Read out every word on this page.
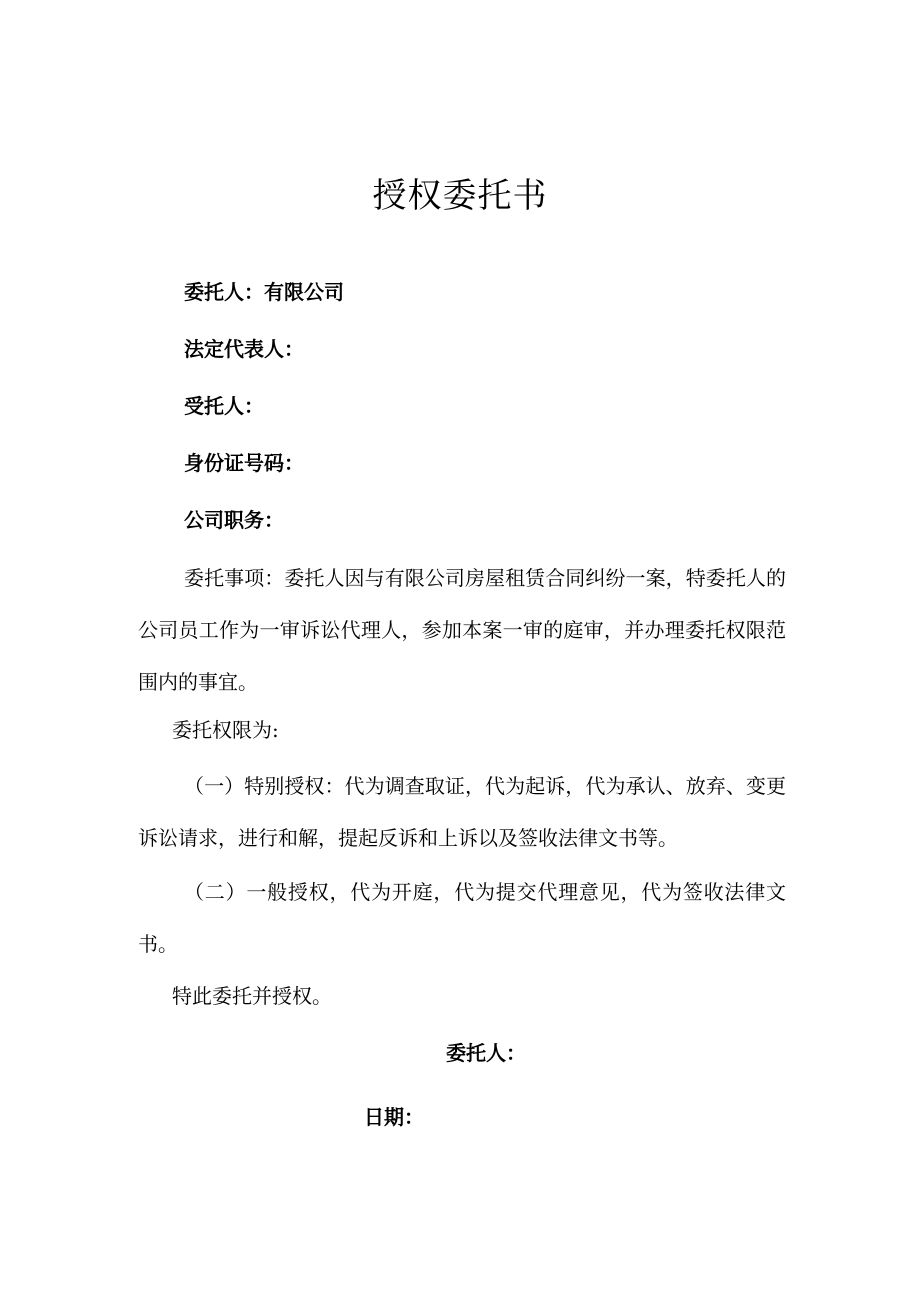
授权委托书
委托人：有限公司
法定代表人：
受托人：
身份证号码：
公司职务：
委托事项：委托人因与有限公司房屋租赁合同纠纷一案，特委托人的公司员工作为一审诉讼代理人，参加本案一审的庭审，并办理委托权限范围内的事宜。
委托权限为:
（一）特别授权：代为调查取证，代为起诉，代为承认、放弃、变更诉讼请求，进行和解，提起反诉和上诉以及签收法律文书等。
（二）一般授权，代为开庭，代为提交代理意见，代为签收法律文书。
特此委托并授权。
委托人：
日期：
